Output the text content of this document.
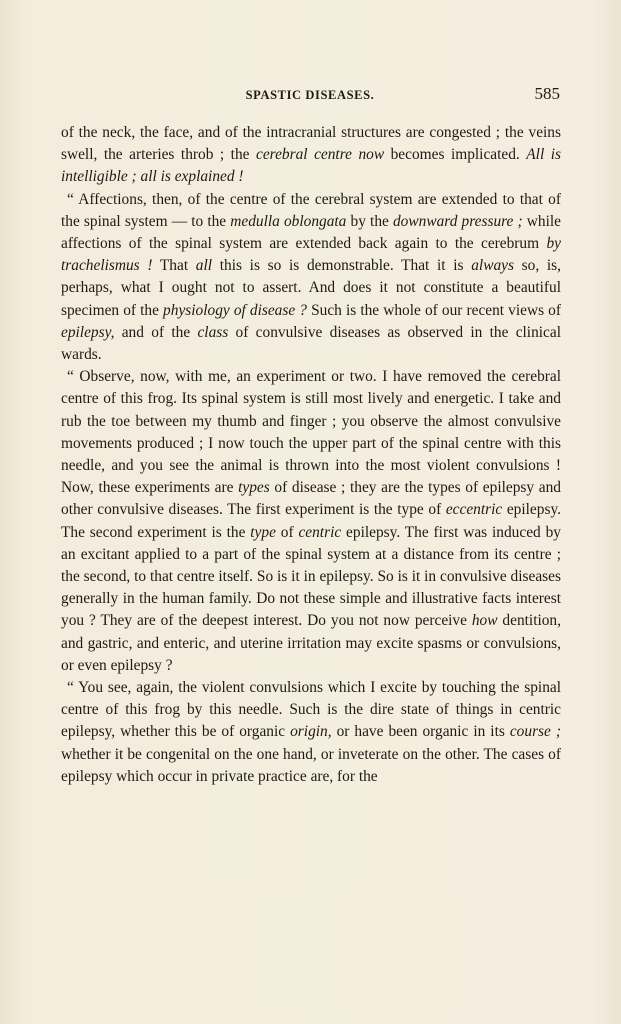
SPASTIC DISEASES.	585

of the neck, the face, and of the intracranial structures are congested ; the veins swell, the arteries throb ; the cerebral centre now becomes implicated. All is intelligible ; all is explained !

“ Affections, then, of the centre of the cerebral system are extended to that of the spinal system — to the medulla oblongata by the downward pressure ; while affections of the spinal system are extended back again to the cerebrum by trachelismus ! That all this is so is demonstrable. That it is always so, is, perhaps, what I ought not to assert. And does it not constitute a beautiful specimen of the physiology of disease ? Such is the whole of our recent views of epilepsy, and of the class of convulsive diseases as observed in the clinical wards.

“ Observe, now, with me, an experiment or two. I have removed the cerebral centre of this frog. Its spinal system is still most lively and energetic. I take and rub the toe between my thumb and finger ; you observe the almost convulsive movements produced ; I now touch the upper part of the spinal centre with this needle, and you see the animal is thrown into the most violent convulsions ! Now, these experiments are types of disease ; they are the types of epilepsy and other convulsive diseases. The first experiment is the type of eccentric epilepsy. The second experiment is the type of centric epilepsy. The first was induced by an excitant applied to a part of the spinal system at a distance from its centre ; the second, to that centre itself. So is it in epilepsy. So is it in convulsive diseases generally in the human family. Do not these simple and illustrative facts interest you ? They are of the deepest interest. Do you not now perceive how dentition, and gastric, and enteric, and uterine irritation may excite spasms or convulsions, or even epilepsy ?

“ You see, again, the violent convulsions which I excite by touching the spinal centre of this frog by this needle. Such is the dire state of things in centric epilepsy, whether this be of organic origin, or have been organic in its course ; whether it be congenital on the one hand, or inveterate on the other. The cases of epilepsy which occur in private practice are, for the
